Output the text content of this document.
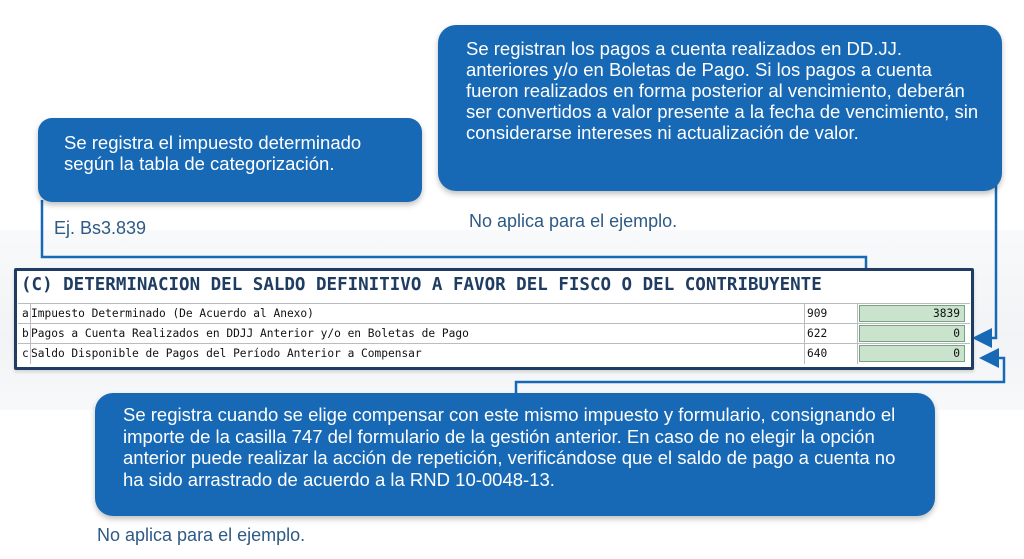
Se registra el impuesto determinado según la tabla de categorización.
Se registran los pagos a cuenta realizados en DD.JJ. anteriores y/o en Boletas de Pago. Si los pagos a cuenta fueron realizados en forma posterior al vencimiento, deberán ser convertidos a valor presente a la fecha de vencimiento, sin considerarse intereses ni actualización de valor.
Ej. Bs3.839	No aplica para el ejemplo.
(C) DETERMINACION DEL SALDO DEFINITIVO A FAVOR DEL FISCO O DEL CONTRIBUYENTE
a Impuesto Determinado (De Acuerdo al Anexo)	909	3839
b Pagos a Cuenta Realizados en DDJJ Anterior y/o en Boletas de Pago	622	0
c Saldo Disponible de Pagos del Período Anterior a Compensar	640	0
Se registra cuando se elige compensar con este mismo impuesto y formulario, consignando el importe de la casilla 747 del formulario de la gestión anterior. En caso de no elegir la opción anterior puede realizar la acción de repetición, verificándose que el saldo de pago a cuenta no ha sido arrastrado de acuerdo a la RND 10-0048-13.
No aplica para el ejemplo.
